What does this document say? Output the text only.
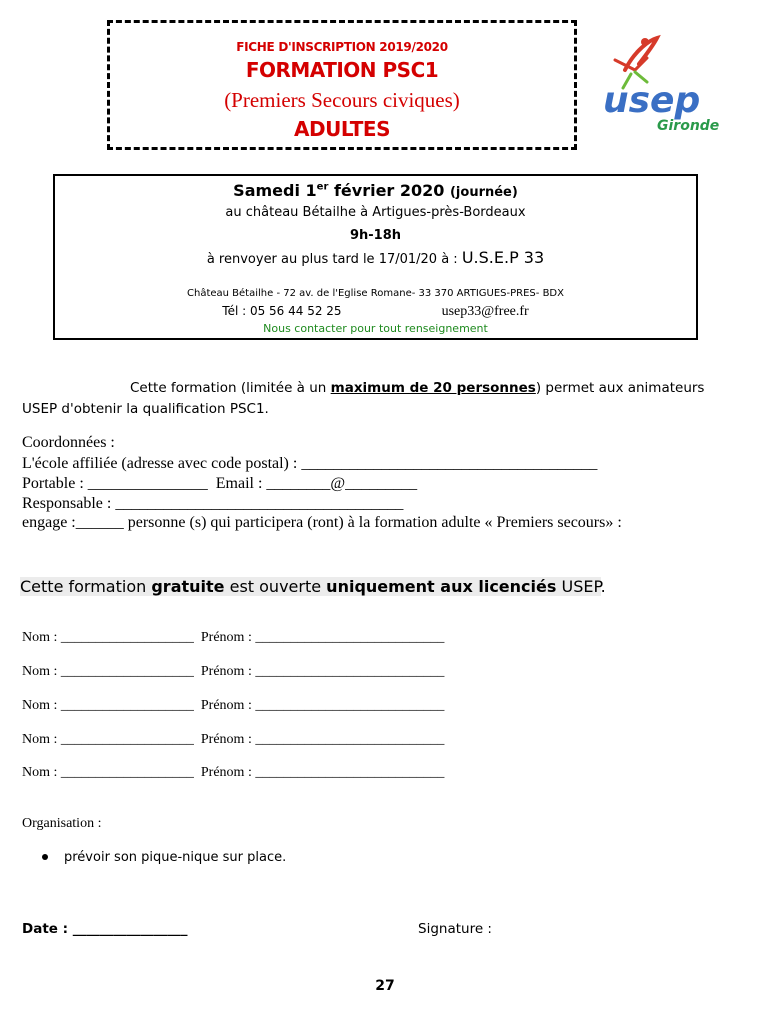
FICHE D'INSCRIPTION 2019/2020
FORMATION PSC1
(Premiers Secours civiques)
ADULTES
usep
Gironde
Samedi 1er février 2020 (journée)
au château Bétailhe à Artigues-près-Bordeaux
9h-18h
à renvoyer au plus tard le 17/01/20 à : U.S.E.P 33
Château Bétailhe - 72 av. de l'Eglise Romane- 33 370 ARTIGUES-PRES- BDX
Tél : 05 56 44 52 25	usep33@free.fr
Nous contacter pour tout renseignement
Cette formation (limitée à un maximum de 20 personnes) permet aux animateurs
USEP d'obtenir la qualification PSC1.
Coordonnées :
L'école affiliée (adresse avec code postal) : _____________________________________
Portable : _______________  Email : ________@_________
Responsable : ____________________________________
engage :______ personne (s) qui participera (ront) à la formation adulte « Premiers secours» :
Cette formation gratuite est ouverte uniquement aux licenciés USEP.
Nom : ___________________  Prénom : ___________________________
Nom : ___________________  Prénom : ___________________________
Nom : ___________________  Prénom : ___________________________
Nom : ___________________  Prénom : ___________________________
Nom : ___________________  Prénom : ___________________________
Organisation :
prévoir son pique-nique sur place.
Date : _________________	Signature :
27
